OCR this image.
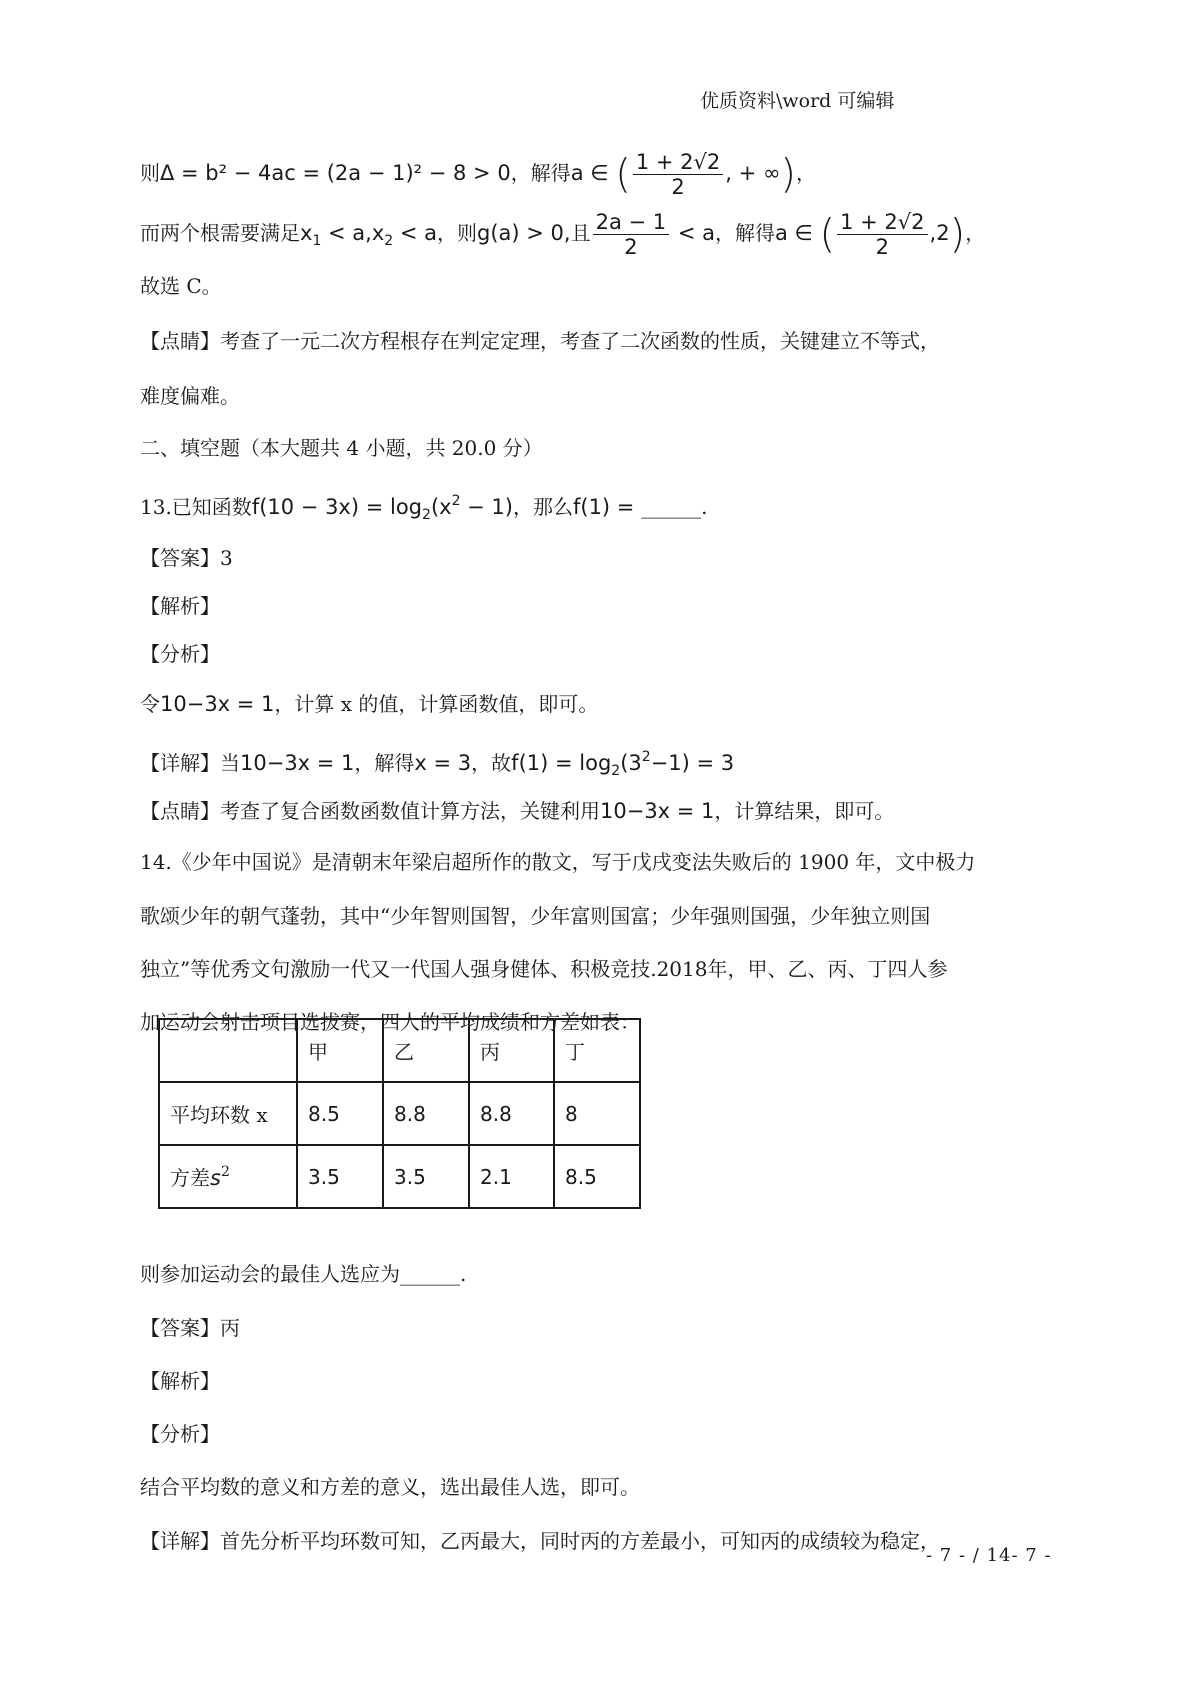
优质资料\word 可编辑
则Δ = b² − 4ac = (2a − 1)² − 8 > 0，解得a ∈ ( $\frac{1 + 2√2}{2}$ , + ∞)，
而两个根需要满足$x_1 < a,x_2 < a$，则g(a) > 0,且 $\frac{2a - 1}{2} < a$，解得a ∈ ( $\frac{1 + 2√2}{2} ,2$)，
故选 C。
【点睛】考查了一元二次方程根存在判定定理，考查了二次函数的性质，关键建立不等式，
难度偏难。
二、填空题（本大题共 4 小题，共 20.0 分）
13.已知函数$f(10 - 3x) = \log_2(x^2 - 1)$，那么f(1) = ______.
【答案】3
【解析】
【分析】
令10−3x = 1，计算 x 的值，计算函数值，即可。
【详解】当10−3x = 1，解得x = 3，故$f(1) = \log_2(3^2-1) = 3$
【点睛】考查了复合函数函数值计算方法，关键利用10−3x = 1，计算结果，即可。
14.《少年中国说》是清朝末年梁启超所作的散文，写于戊戌变法失败后的 1900 年，文中极力
歌颂少年的朝气蓬勃，其中“少年智则国智，少年富则国富；少年强则国强，少年独立则国
独立”等优秀文句激励一代又一代国人强身健体、积极竞技.2018年，甲、乙、丙、丁四人参
加运动会射击项目选拔赛，四人的平均成绩和方差如表：
	甲	乙	丙	丁
平均环数 x	8.5	8.8	8.8	8
方差$s^2$	3.5	3.5	2.1	8.5
则参加运动会的最佳人选应为______.
【答案】丙
【解析】
【分析】
结合平均数的意义和方差的意义，选出最佳人选，即可。
【详解】首先分析平均环数可知，乙丙最大，同时丙的方差最小，可知丙的成绩较为稳定，
- 7 - / 14- 7 -
